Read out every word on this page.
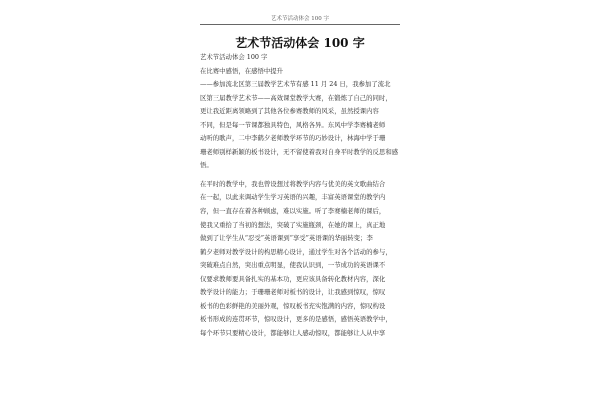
艺术节活动体会 100 字
艺术节活动体会 100 字
艺术节活动体会 100 字
在比赛中感悟，在感悟中提升
——参加流北区第三届教学艺术节有感 11 月 24 日，我参加了流北
区第三届教学艺术节——高效课堂教学大赛，在锻炼了自己的同时，
更让我近距离领略到了其他各位参赛教师的风采，虽然授课内容
不同，但是每一节课都独具特色，风格各异。东风中学李赛楠老师
动听的歌声，二中李鹤夕老师教学环节的巧妙设计，林海中学于珊
珊老师别样新颖的板书设计，无不留使着我对自身平时教学的反思和感
悟。
在平时的教学中，我也曾设想过将教学内容与优美的英文歌曲结合
在一起，以此来调动学生学习英语的兴趣，丰富英语课堂的教学内
容，但一直存在着各种顾虑，难以实施。听了李赛楠老师的课后，
使我又重拾了当初的想法，突破了实施瓶颈，在她的课上，真正地
做到了让学生从“忍受”英语课到“享受”英语课的华丽转变；李
鹤夕老师对教学设计的构思精心设计，通过学生对各个活动的参与，
突破难点自然，突出重点明显，使我认识到，一节成功的英语课不
仅要求教师要具备扎实的基本功，更应该具备转化教材内容，深化
教学设计的能力；于珊珊老师对板书的设计，让我感到惊叹，惊叹
板书的色彩鲜艳的美丽外观，惊叹板书充实饱满的内容，惊叹构设
板书形成的连贯环节，惊叹设计，更多的是感悟，感悟英语教学中，
每个环节只要精心设计，都能够让人感动惊叹，都能够让人从中享
